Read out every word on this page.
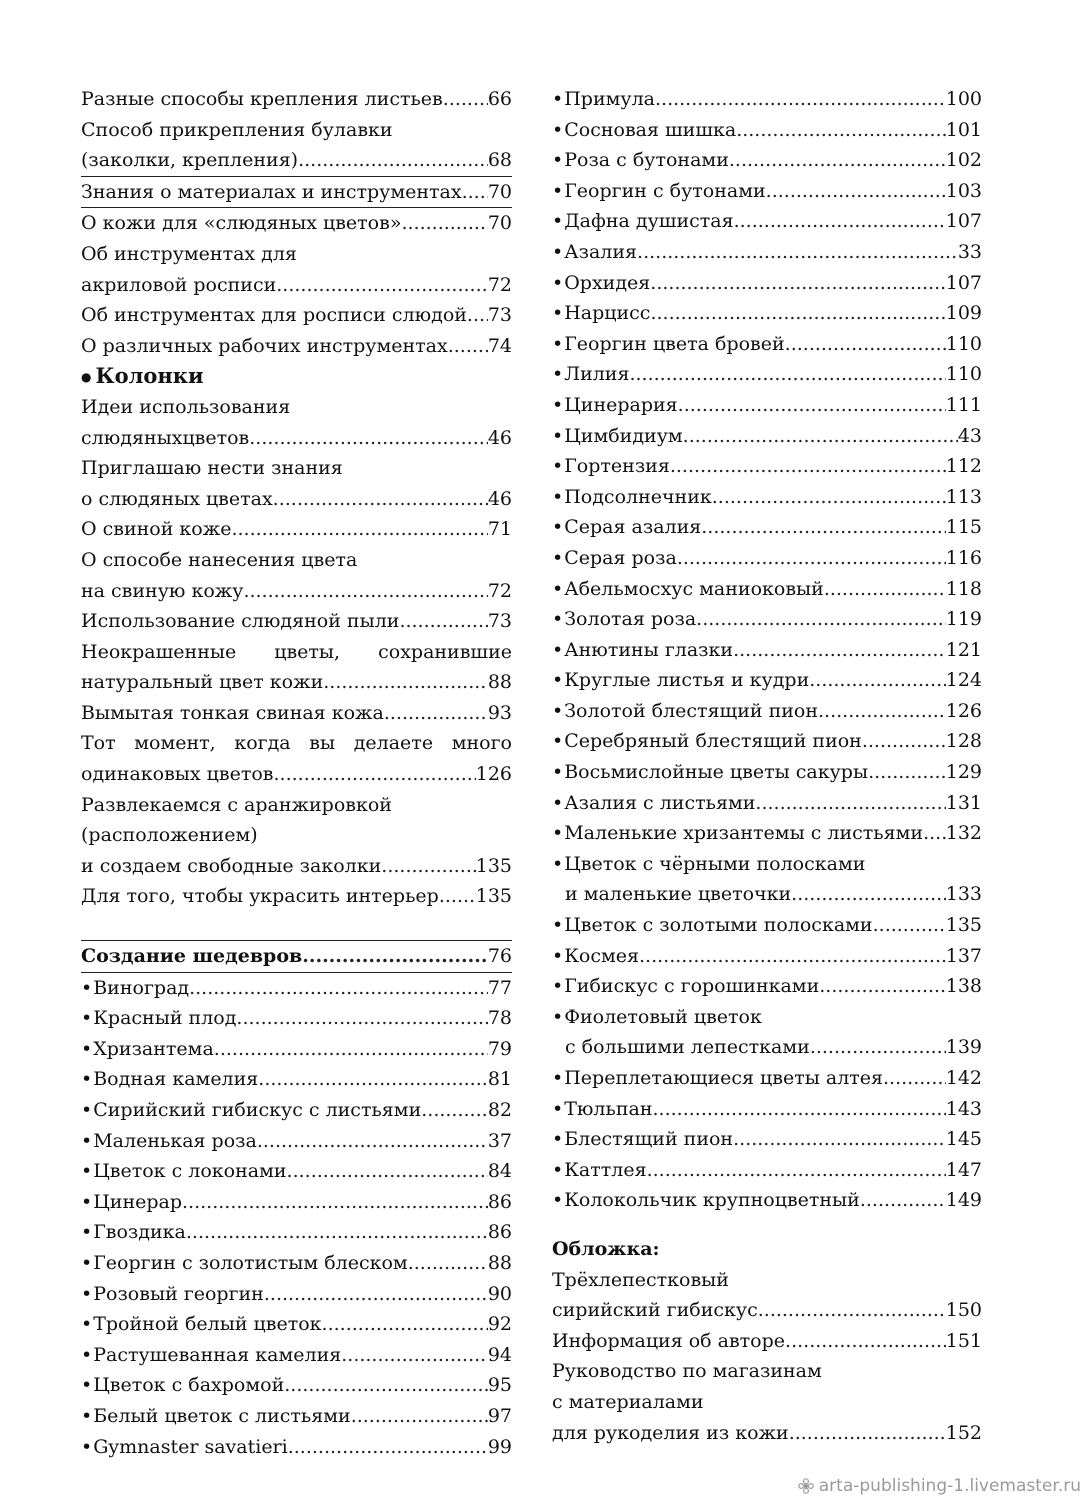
Разные способы крепления листьев ..... 66
Способ прикрепления булавки
(заколки, крепления) .....	68
Знания о материалах и инструментах ..... 70
О кожи для «слюдяных цветов» .....	70
Об инструментах для
акриловой росписи .....	72
Об инструментах для росписи слюдой ..... 73
О различных рабочих инструментах ..... 74
● Колонки
Идеи использования
слюдяныхцветов .....	46
Приглашаю нести знания
о слюдяных цветах .....	46
О свиной коже .....	71
О способе нанесения цвета
на свиную кожу .....	72
Использование слюдяной пыли .....	73
Неокрашенные цветы, сохранившие
натуральный цвет кожи .....	88
Вымытая тонкая свиная кожа .....	93
Тот момент, когда вы делаете много
одинаковых цветов .....	126
Развлекаемся с аранжировкой
(расположением)
и создаем свободные заколки .....	135
Для того, чтобы украсить интерьер ..... 135
Создание шедевров .....	76
• Виноград .....	77
• Красный плод .....	78
• Хризантема .....	79
• Водная камелия .....	81
• Сирийский гибискус с листьями .....	82
• Маленькая роза .....	37
• Цветок с локонами .....	84
• Цинерар .....	86
• Гвоздика .....	86
• Георгин с золотистым блеском .....	88
• Розовый георгин .....	90
• Тройной белый цветок .....	92
• Растушеванная камелия .....	94
• Цветок с бахромой .....	95
• Белый цветок с листьями .....	97
• Gymnaster savatieri .....	99
• Примула .....	100
• Сосновая шишка .....	101
• Роза с бутонами .....	102
• Георгин с бутонами .....	103
• Дафна душистая .....	107
• Азалия .....	33
• Орхидея .....	107
• Нарцисс .....	109
• Георгин цвета бровей .....	110
• Лилия .....	110
• Цинерария .....	111
• Цимбидиум .....	43
• Гортензия .....	112
• Подсолнечник .....	113
• Серая азалия .....	115
• Серая роза .....	116
• Абельмосхус маниоковый .....	118
• Золотая роза .....	119
• Анютины глазки .....	121
• Круглые листья и кудри .....	124
• Золотой блестящий пион .....	126
• Серебряный блестящий пион .....	128
• Восьмислойные цветы сакуры .....	129
• Азалия с листьями .....	131
• Маленькие хризантемы с листьями ..... 132
• Цветок с чёрными полосками
и маленькие цветочки .....	133
• Цветок с золотыми полосками .....	135
• Космея .....	137
• Гибискус с горошинками .....	138
• Фиолетовый цветок
с большими лепестками .....	139
• Переплетающиеся цветы алтея .....	142
• Тюльпан .....	143
• Блестящий пион .....	145
• Каттлея .....	147
• Колокольчик крупноцветный .....	149
Обложка:
Трёхлепестковый
сирийский гибискус .....	150
Информация об авторе .....	151
Руководство по магазинам
с материалами
для рукоделия из кожи .....	152
arta-publishing-1.livemaster.ru
